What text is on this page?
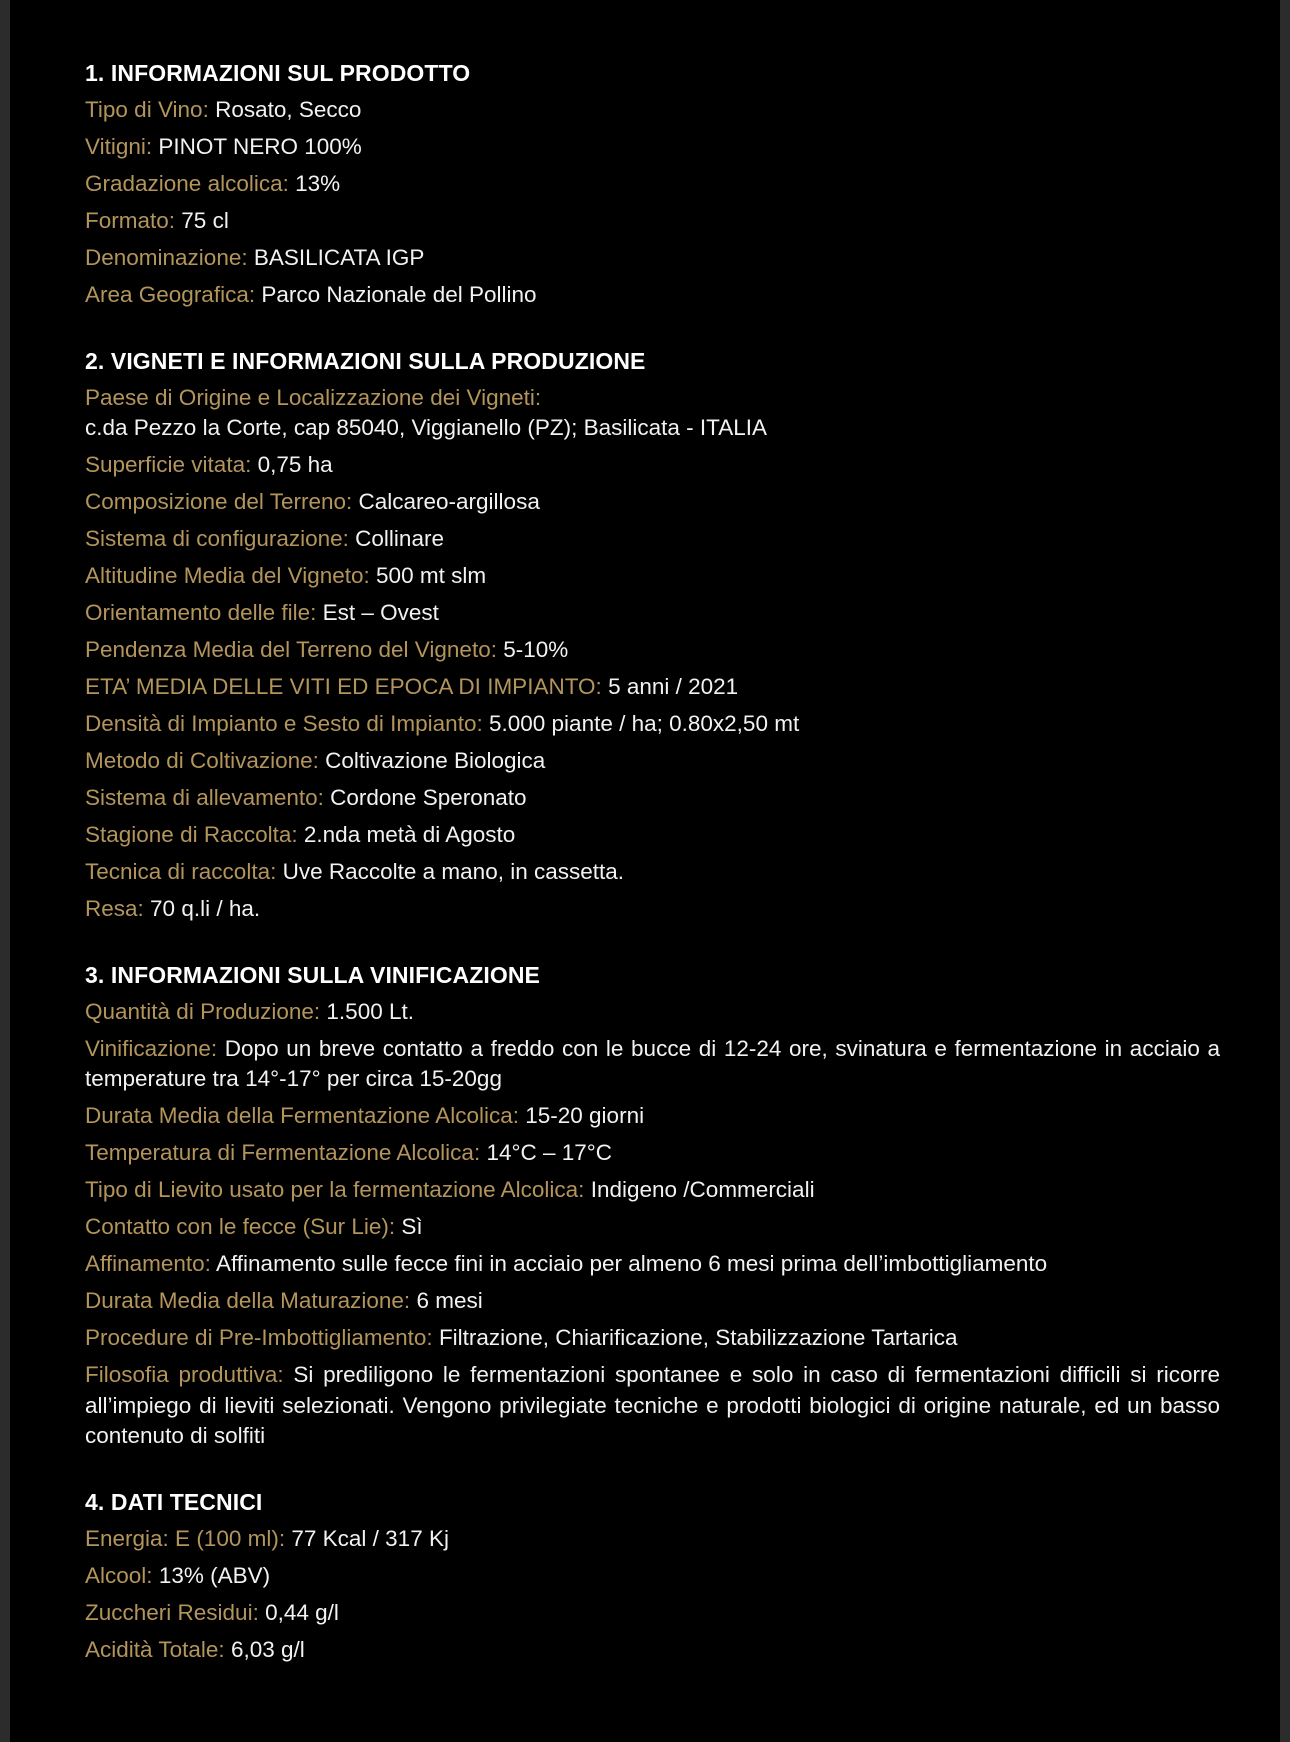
1. INFORMAZIONI SUL PRODOTTO
Tipo di Vino: Rosato, Secco
Vitigni: PINOT NERO 100%
Gradazione alcolica: 13%
Formato: 75 cl
Denominazione: BASILICATA IGP
Area Geografica: Parco Nazionale del Pollino
2. VIGNETI E INFORMAZIONI SULLA PRODUZIONE
Paese di Origine e Localizzazione dei Vigneti:
c.da Pezzo la Corte, cap 85040, Viggianello (PZ); Basilicata - ITALIA
Superficie vitata: 0,75 ha
Composizione del Terreno: Calcareo-argillosa
Sistema di configurazione: Collinare
Altitudine Media del Vigneto: 500 mt slm
Orientamento delle file: Est – Ovest
Pendenza Media del Terreno del Vigneto: 5-10%
ETA’ MEDIA DELLE VITI ED EPOCA DI IMPIANTO: 5 anni / 2021
Densità di Impianto e Sesto di Impianto: 5.000 piante / ha; 0.80x2,50 mt
Metodo di Coltivazione: Coltivazione Biologica
Sistema di allevamento: Cordone Speronato
Stagione di Raccolta: 2.nda metà di Agosto
Tecnica di raccolta: Uve Raccolte a mano, in cassetta.
Resa: 70 q.li / ha.
3. INFORMAZIONI SULLA VINIFICAZIONE
Quantità di Produzione: 1.500 Lt.
Vinificazione: Dopo un breve contatto a freddo con le bucce di 12-24 ore, svinatura e fermentazione in acciaio a temperature tra 14°-17° per circa 15-20gg
Durata Media della Fermentazione Alcolica: 15-20 giorni
Temperatura di Fermentazione Alcolica: 14°C – 17°C
Tipo di Lievito usato per la fermentazione Alcolica: Indigeno /Commerciali
Contatto con le fecce (Sur Lie): Sì
Affinamento: Affinamento sulle fecce fini in acciaio per almeno 6 mesi prima dell’imbottigliamento
Durata Media della Maturazione: 6 mesi
Procedure di Pre-Imbottigliamento: Filtrazione, Chiarificazione, Stabilizzazione Tartarica
Filosofia produttiva: Si prediligono le fermentazioni spontanee e solo in caso di fermentazioni difficili si ricorre all’impiego di lieviti selezionati. Vengono privilegiate tecniche e prodotti biologici di origine naturale, ed un basso contenuto di solfiti
4. DATI TECNICI
Energia: E (100 ml): 77 Kcal / 317 Kj
Alcool: 13% (ABV)
Zuccheri Residui: 0,44 g/l
Acidità Totale: 6,03 g/l
